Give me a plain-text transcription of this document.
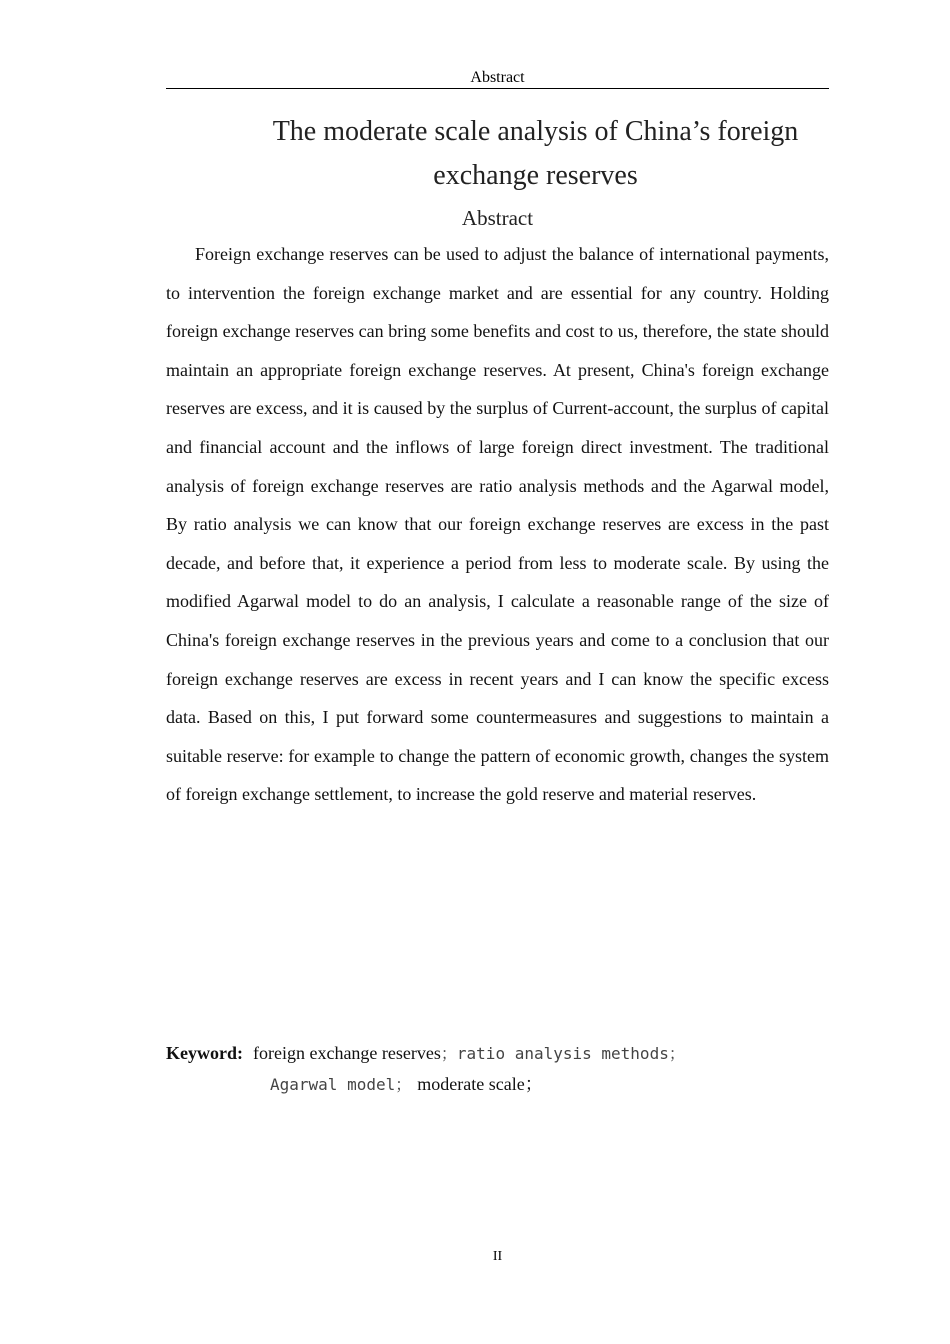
Abstract
The moderate scale analysis of China’s foreign
exchange reserves
Abstract

Foreign exchange reserves can be used to adjust the balance of international payments, to intervention the foreign exchange market and are essential for any country. Holding foreign exchange reserves can bring some benefits and cost to us, therefore, the state should maintain an appropriate foreign exchange reserves. At present, China's foreign exchange reserves are excess, and it is caused by the surplus of Current-account, the surplus of capital and financial account and the inflows of large foreign direct investment. The traditional analysis of foreign exchange reserves are ratio analysis methods and the Agarwal model, By ratio analysis we can know that our foreign exchange reserves are excess in the past decade, and before that, it experience a period from less to moderate scale. By using the modified Agarwal model to do an analysis, I calculate a reasonable range of the size of China's foreign exchange reserves in the previous years and come to a conclusion that our foreign exchange reserves are excess in recent years and I can know the specific excess data. Based on this, I put forward some countermeasures and suggestions to maintain a suitable reserve: for example to change the pattern of economic growth, changes the system of foreign exchange settlement, to increase the gold reserve and material reserves.

Keyword: foreign exchange reserves；ratio analysis methods；
Agarwal model； moderate scale；
II
